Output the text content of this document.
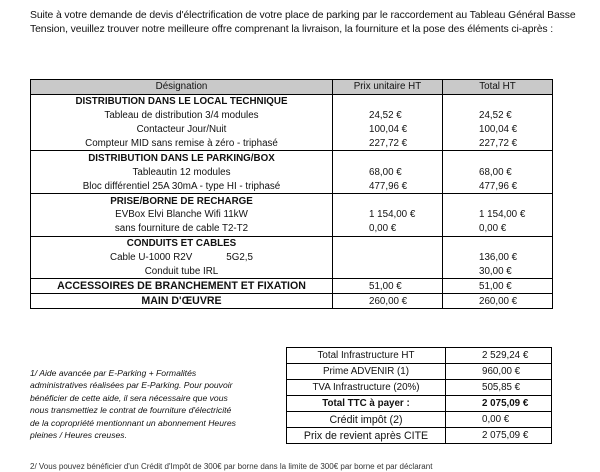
Suite à votre demande de devis d'électrification de votre place de parking par le raccordement au Tableau Général Basse Tension, veuillez trouver notre meilleure offre comprenant la livraison, la fourniture et la pose des éléments ci-après :
Désignation	Prix unitaire HT	Total HT
DISTRIBUTION DANS LE LOCAL TECHNIQUE		
Tableau de distribution 3/4 modules	24,52 €	24,52 €
Contacteur Jour/Nuit	100,04 €	100,04 €
Compteur MID sans remise à zéro - triphasé	227,72 €	227,72 €
DISTRIBUTION DANS LE PARKING/BOX		
Tableautin 12 modules	68,00 €	68,00 €
Bloc différentiel 25A 30mA - type HI - triphasé	477,96 €	477,96 €
PRISE/BORNE DE RECHARGE		
EVBox Elvi Blanche Wifi 11kW	1 154,00 €	1 154,00 €
sans fourniture de cable T2-T2	0,00 €	0,00 €
CONDUITS ET CABLES		
Cable U-1000 R2V 5G2,5		136,00 €
Conduit tube IRL		30,00 €
ACCESSOIRES DE BRANCHEMENT ET FIXATION	51,00 €	51,00 €
MAIN D'ŒUVRE	260,00 €	260,00 €
Total Infrastructure HT	2 529,24 €
Prime ADVENIR (1)	960,00 €
TVA Infrastructure (20%)	505,85 €
Total TTC à payer :	2 075,09 €
Crédit impôt (2)	0,00 €
Prix de revient après CITE	2 075,09 €
1/ Aide avancée par E-Parking + Formalités administratives réalisées par E-Parking. Pour pouvoir bénéficier de cette aide, il sera nécessaire que vous nous transmettiez le contrat de fourniture d'électricité de la copropriété mentionnant un abonnement Heures pleines / Heures creuses.
2/ Vous pouvez bénéficier d'un Crédit d'Impôt de 300€ par borne dans la limite de 300€ par borne et par déclarant
